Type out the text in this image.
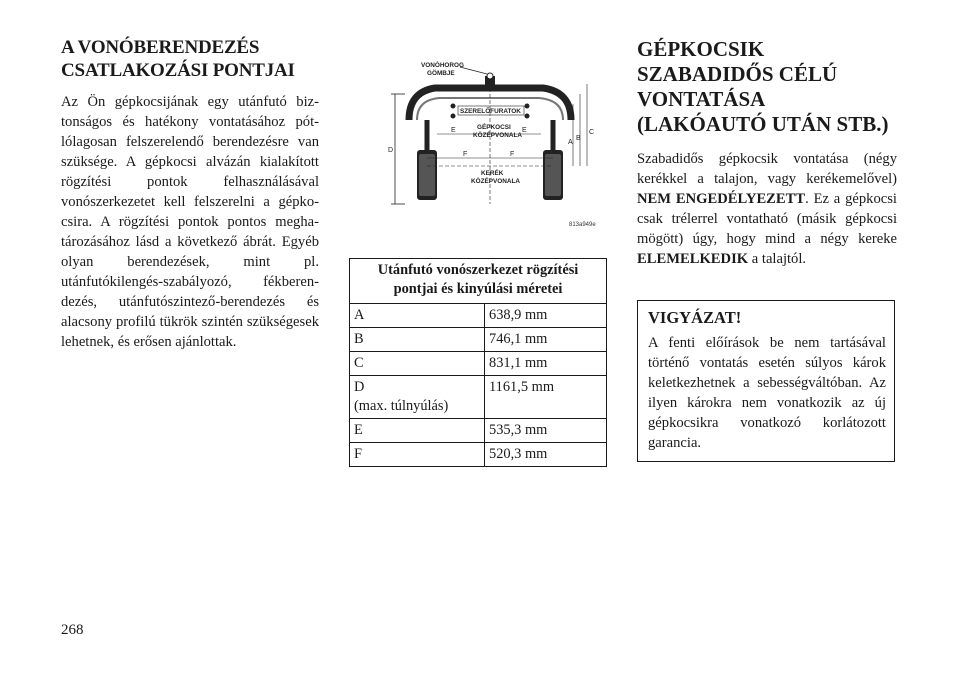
A VONÓBERENDEZÉS
CSATLAKOZÁSI PONTJAI

Az Ön gépkocsijának egy utánfutó biztonságos és hatékony vontatásához pótlólagosan felszerelendő berendezésre van szüksége. A gépkocsi alvázán kialakított rögzítési pontok felhasználásával vonószerkezetet kell felszerelni a gépkocsira. A rögzítési pontok pontos meghatározásához lásd a következő ábrát. Egyéb olyan berendezések, mint pl. utánfutókilengés-szabályozó, fékberendezés, utánfutószintező-berendezés és alacsony profilú tükrök szintén szükségesek lehetnek, és erősen ajánlottak.

D
VONÓHOROG
GÖMBJE
SZERELŐFURATOK
GÉPKOCSI
KÖZÉPVONALA
E	E
F	F
KERÉK
KÖZÉPVONALA
A
B
C
813a949e
Utánfutó vonószerkezet rögzítési pontjai és kinyúlási méretei
A	638,9 mm
B	746,1 mm
C	831,1 mm
D
(max. túlnyúlás)	1161,5 mm
E	535,3 mm
F	520,3 mm
GÉPKOCSIK
SZABADIDŐS CÉLÚ
VONTATÁSA
(LAKÓAUTÓ UTÁN STB.)

Szabadidős gépkocsik vontatása (négy kerékkel a talajon, vagy kerékemelővel) NEM ENGEDÉLYEZETT. Ez a gépkocsi csak trélerrel vontatható (másik gépkocsi mögött) úgy, hogy mind a négy kereke ELEMELKEDIK a talajtól.

VIGYÁZAT!

A fenti előírások be nem tartásával történő vontatás esetén súlyos károk keletkezhetnek a sebességváltóban. Az ilyen károkra nem vonatkozik az új gépkocsikra vonatkozó korlátozott garancia.

268
